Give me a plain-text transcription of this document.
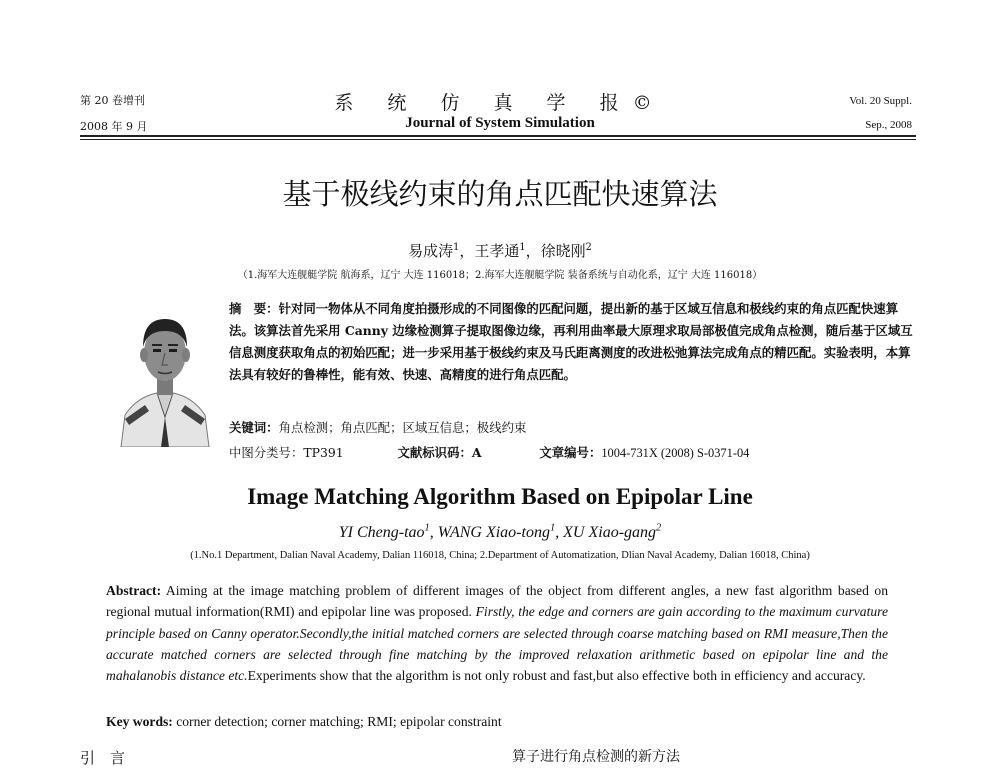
第 20 卷增刊
2008 年 9 月
系 统 仿 真 学 报©
Journal of System Simulation
Vol. 20 Suppl.
Sep., 2008
基于极线约束的角点匹配快速算法
易成涛$^1$，王孝通$^1$，徐晓刚$^2$
（1.海军大连舰艇学院 航海系，辽宁 大连 116018；2.海军大连舰艇学院 装备系统与自动化系，辽宁 大连 116018）
摘　要：针对同一物体从不同角度拍摄形成的不同图像的匹配问题，提出新的基于区域互信息和极线约束的角点匹配快速算法。该算法首先采用 Canny 边缘检测算子提取图像边缘，再利用曲率最大原理求取局部极值完成角点检测，随后基于区域互信息测度获取角点的初始匹配；进一步采用基于极线约束及马氏距离测度的改进松弛算法完成角点的精匹配。实验表明，本算法具有较好的鲁棒性，能有效、快速、高精度的进行角点匹配。
关键词：角点检测；角点匹配；区域互信息；极线约束
中图分类号：TP391	文献标识码：A	文章编号：1004-731X (2008) S-0371-04
Image Matching Algorithm Based on Epipolar Line
YI Cheng-tao$^1$, WANG Xiao-tong$^1$, XU Xiao-gang$^2$
(1.No.1 Department, Dalian Naval Academy, Dalian 116018, China; 2.Department of Automatization, Dlian Naval Academy, Dalian 16018, China)
Abstract: Aiming at the image matching problem of different images of the object from different angles, a new fast algorithm based on regional mutual information(RMI) and epipolar line was proposed. Firstly, the edge and corners are gain according to the maximum curvature principle based on Canny operator.Secondly,the initial matched corners are selected through coarse matching based on RMI measure,Then the accurate matched corners are selected through fine matching by the improved relaxation arithmetic based on epipolar line and the mahalanobis distance etc.Experiments show that the algorithm is not only robust and fast,but also effective both in efficiency and accuracy.
Key words: corner detection; corner matching; RMI; epipolar constraint
引　言	算子进行角点检测的新方法
